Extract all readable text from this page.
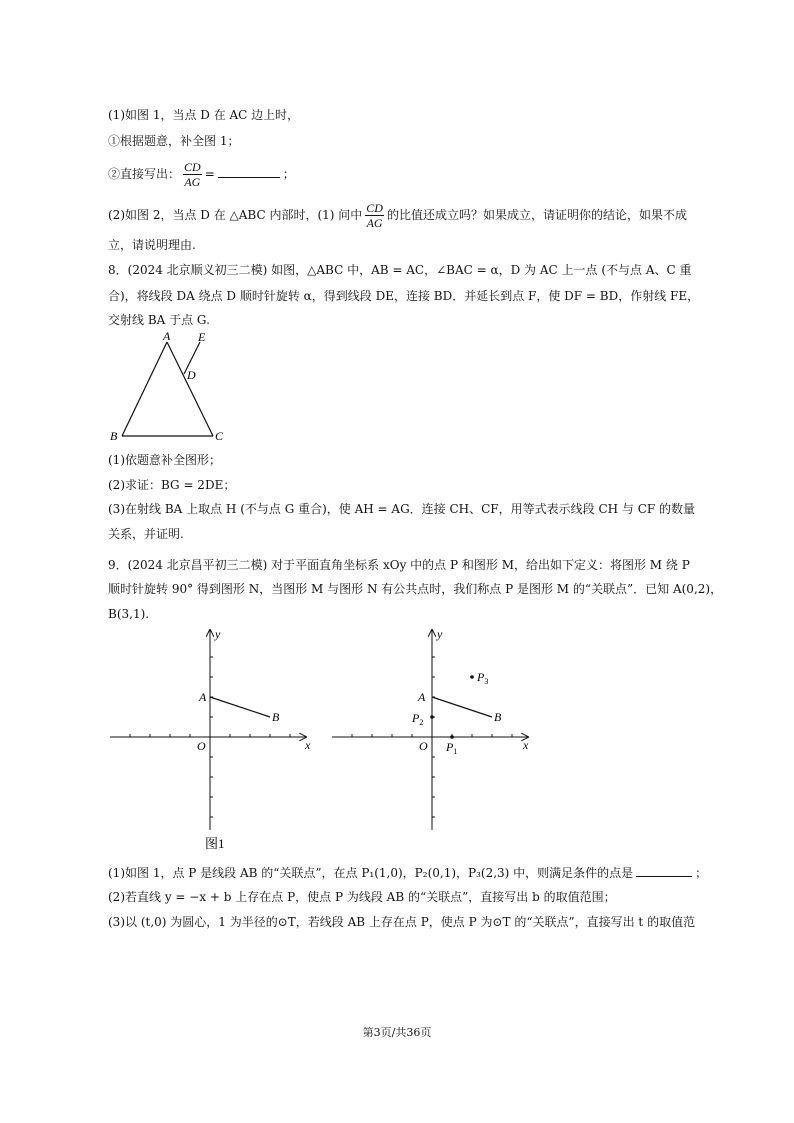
(1)如图 1，当点 D 在 AC 边上时，
①根据题意，补全图 1；
②直接写出： $\frac{CD}{AG}$ =	；
(2)如图 2，当点 D 在 △ABC 内部时，(1) 问中 $\frac{CD}{AG}$ 的比值还成立吗？如果成立，请证明你的结论，如果不成
立，请说明理由.
8．(2024 北京顺义初三二模) 如图，△ABC 中，AB = AC，∠BAC = α，D 为 AC 上一点 (不与点 A、C 重
合)，将线段 DA 绕点 D 顺时针旋转 α，得到线段 DE，连接 BD．并延长到点 F，使 DF = BD，作射线 FE，
交射线 BA 于点 G.
A E
D
B	C
(1)依题意补全图形；
(2)求证：BG = 2DE；
(3)在射线 BA 上取点 H (不与点 G 重合)，使 AH = AG．连接 CH、CF，用等式表示线段 CH 与 CF 的数量
关系，并证明.
9．(2024 北京昌平初三二模) 对于平面直角坐标系 xOy 中的点 P 和图形 M，给出如下定义：将图形 M 绕 P
顺时针旋转 90° 得到图形 N，当图形 M 与图形 N 有公共点时，我们称点 P 是图形 M 的“关联点”．已知 A(0,2)，
B(3,1).
y
x
O
A
B
图1
y
x
O
A
B
$P_1$
$P_2$
$P_3$
(1)如图 1，点 P 是线段 AB 的“关联点”，在点 P₁(1,0)，P₂(0,1)，P₃(2,3) 中，则满足条件的点是	；
(2)若直线 y = −x + b 上存在点 P，使点 P 为线段 AB 的“关联点”，直接写出 b 的取值范围；
(3)以 (t,0) 为圆心，1 为半径的⊙T，若线段 AB 上存在点 P，使点 P 为⊙T 的“关联点”，直接写出 t 的取值范
第3页/共36页
